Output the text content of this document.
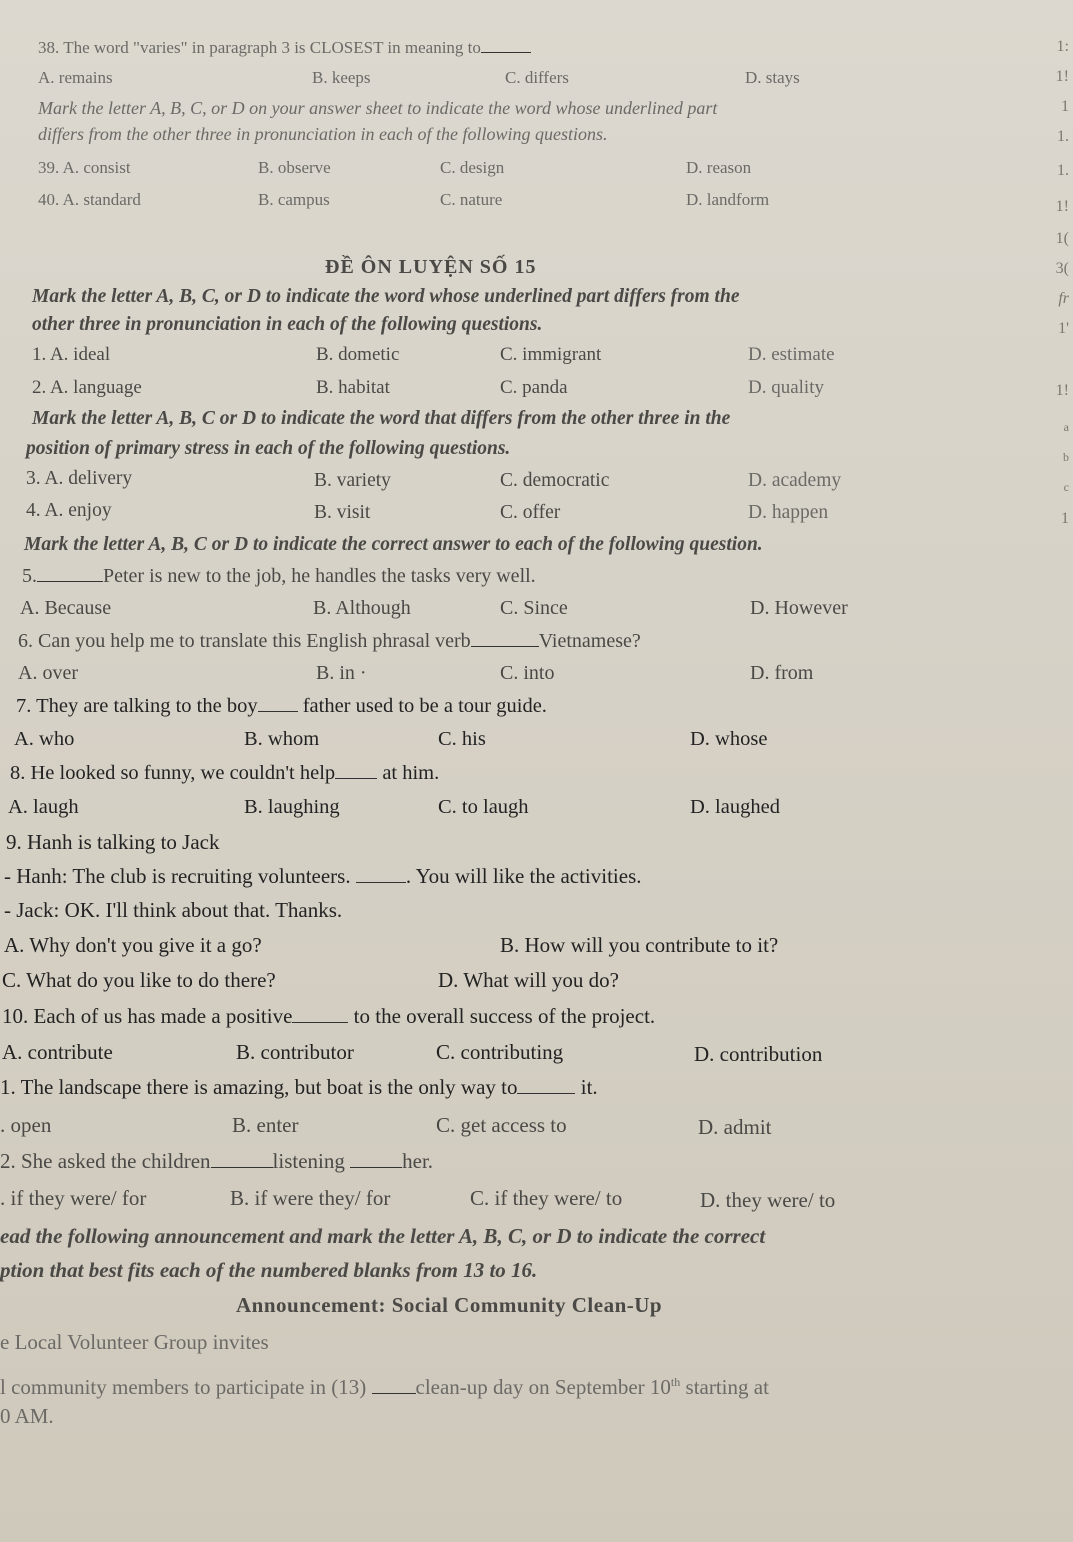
38. The word "varies" in paragraph 3 is CLOSEST in meaning to
A. remains	B. keeps	C. differs	D. stays
Mark the letter A, B, C, or D on your answer sheet to indicate the word whose underlined part
differs from the other three in pronunciation in each of the following questions.
39. A. consist	B. observe	C. design	D. reason
40. A. standard	B. campus	C. nature	D. landform
ĐỀ ÔN LUYỆN SỐ 15
Mark the letter A, B, C, or D to indicate the word whose underlined part differs from the
other three in pronunciation in each of the following questions.
1. A. ideal	B. dometic	C. immigrant	D. estimate
2. A. language	B. habitat	C. panda	D. quality
Mark the letter A, B, C or D to indicate the word that differs from the other three in the
position of primary stress in each of the following questions.
3. A. delivery	B. variety	C. democratic	D. academy
4. A. enjoy	B. visit	C. offer	D. happen
Mark the letter A, B, C or D to indicate the correct answer to each of the following question.
5.	Peter is new to the job, he handles the tasks very well.
A. Because	B. Although	C. Since	D. However
6. Can you help me to translate this English phrasal verb	Vietnamese?
A. over	B. in ·	C. into	D. from
7. They are talking to the boy father used to be a tour guide.
A. who	B. whom	C. his	D. whose
8. He looked so funny, we couldn't help at him.
A. laugh	B. laughing	C. to laugh	D. laughed
9. Hanh is talking to Jack
- Hanh: The club is recruiting volunteers.	. You will like the activities.
- Jack: OK. I'll think about that. Thanks.
A. Why don't you give it a go?	B. How will you contribute to it?
C. What do you like to do there?	D. What will you do?
10. Each of us has made a positive	to the overall success of the project.
A. contribute	B. contributor	C. contributing	D. contribution
1. The landscape there is amazing, but boat is the only way to	it.
. open	B. enter	C. get access to	D. admit
2. She asked the children	listening	her.
. if they were/ for	B. if were they/ for	C. if they were/ to	D. they were/ to
ead the following announcement and mark the letter A, B, C, or D to indicate the correct
ption that best fits each of the numbered blanks from 13 to 16.
Announcement: Social Community Clean-Up
e Local Volunteer Group invites
l community members to participate in (13) clean-up day on September 10th starting at
0 AM.
1:
1!
1
1.
1.
1!
1(
3(
fr
1'
1!
a
b
c
1
